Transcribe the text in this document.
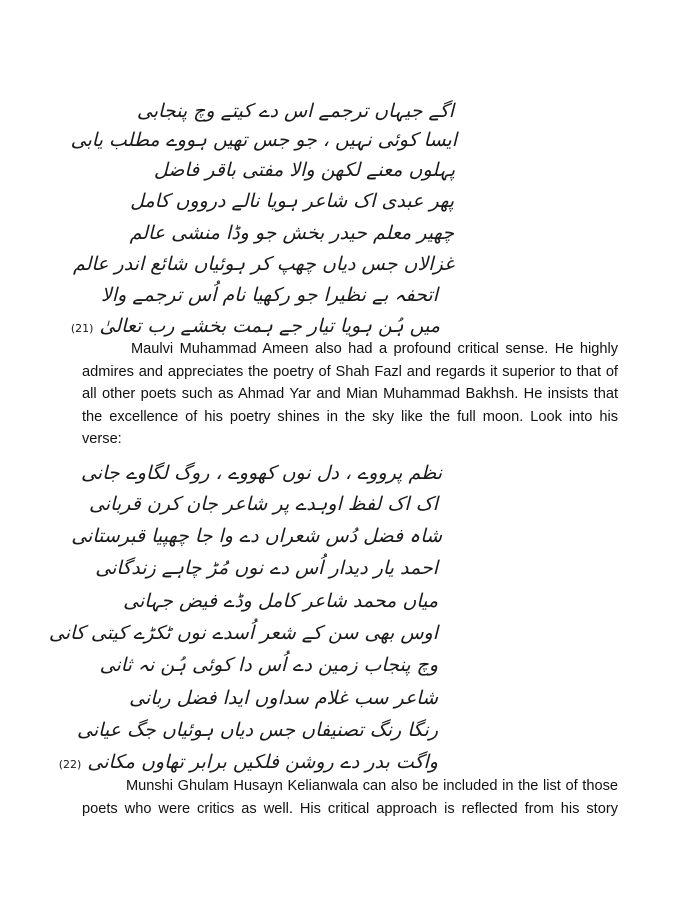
اگے جیہاں ترجمے اس دے کیتے وچ پنجابی
ایسا کوئی نہیں ، جو جس تھیں ہووے مطلب یابی
پہلوں معنے لکھن والا مفتی باقر فاضل
پھر عبدی اک شاعر ہویا نالے درووں کامل
چھیر معلم حیدر بخش جو وڈا منشی عالم
غزالاں جس دیاں چھپ کر ہوئیاں شائع اندر عالم
اتحفہ بے نظیرا جو رکھیا نام اُس ترجمے والا
میں ہُن ہویا تیار جے ہمت بخشے رب تعالیٰ (21)
Maulvi Muhammad Ameen also had a profound critical sense. He highly
admires and appreciates the poetry of Shah Fazl and regards it superior to that of
all other poets such as Ahmad Yar and Mian Muhammad Bakhsh. He insists that
the excellence of his poetry shines in the sky like the full moon. Look into his
verse:
نظم پرووے ، دل نوں کھووے ، روگ لگاوے جانی
اک اک لفظ اوہدے پر شاعر جان کرن قربانی
شاہ فضل دُس شعراں دے وا جا چھپیا قبرستانی
احمد یار دیدار اُس دے نوں مُڑ چاہے زندگانی
میاں محمد شاعر کامل وڈے فیض جہانی
اوس بھی سن کے شعر اُسدے نوں ٹکڑے کیتی کانی
وچ پنجاب زمین دے اُس دا کوئی ہُن نہ ثانی
شاعر سب غلام سداوں ایدا فضل ربانی
رنگا رنگ تصنیفاں جس دیاں ہوئیاں جگ عیانی
واگت بدر دے روشن فلکیں برابر تھاوں مکانی (22)
Munshi Ghulam Husayn Kelianwala can also be included in the list of those
poets who were critics as well. His critical approach is reflected from his story
